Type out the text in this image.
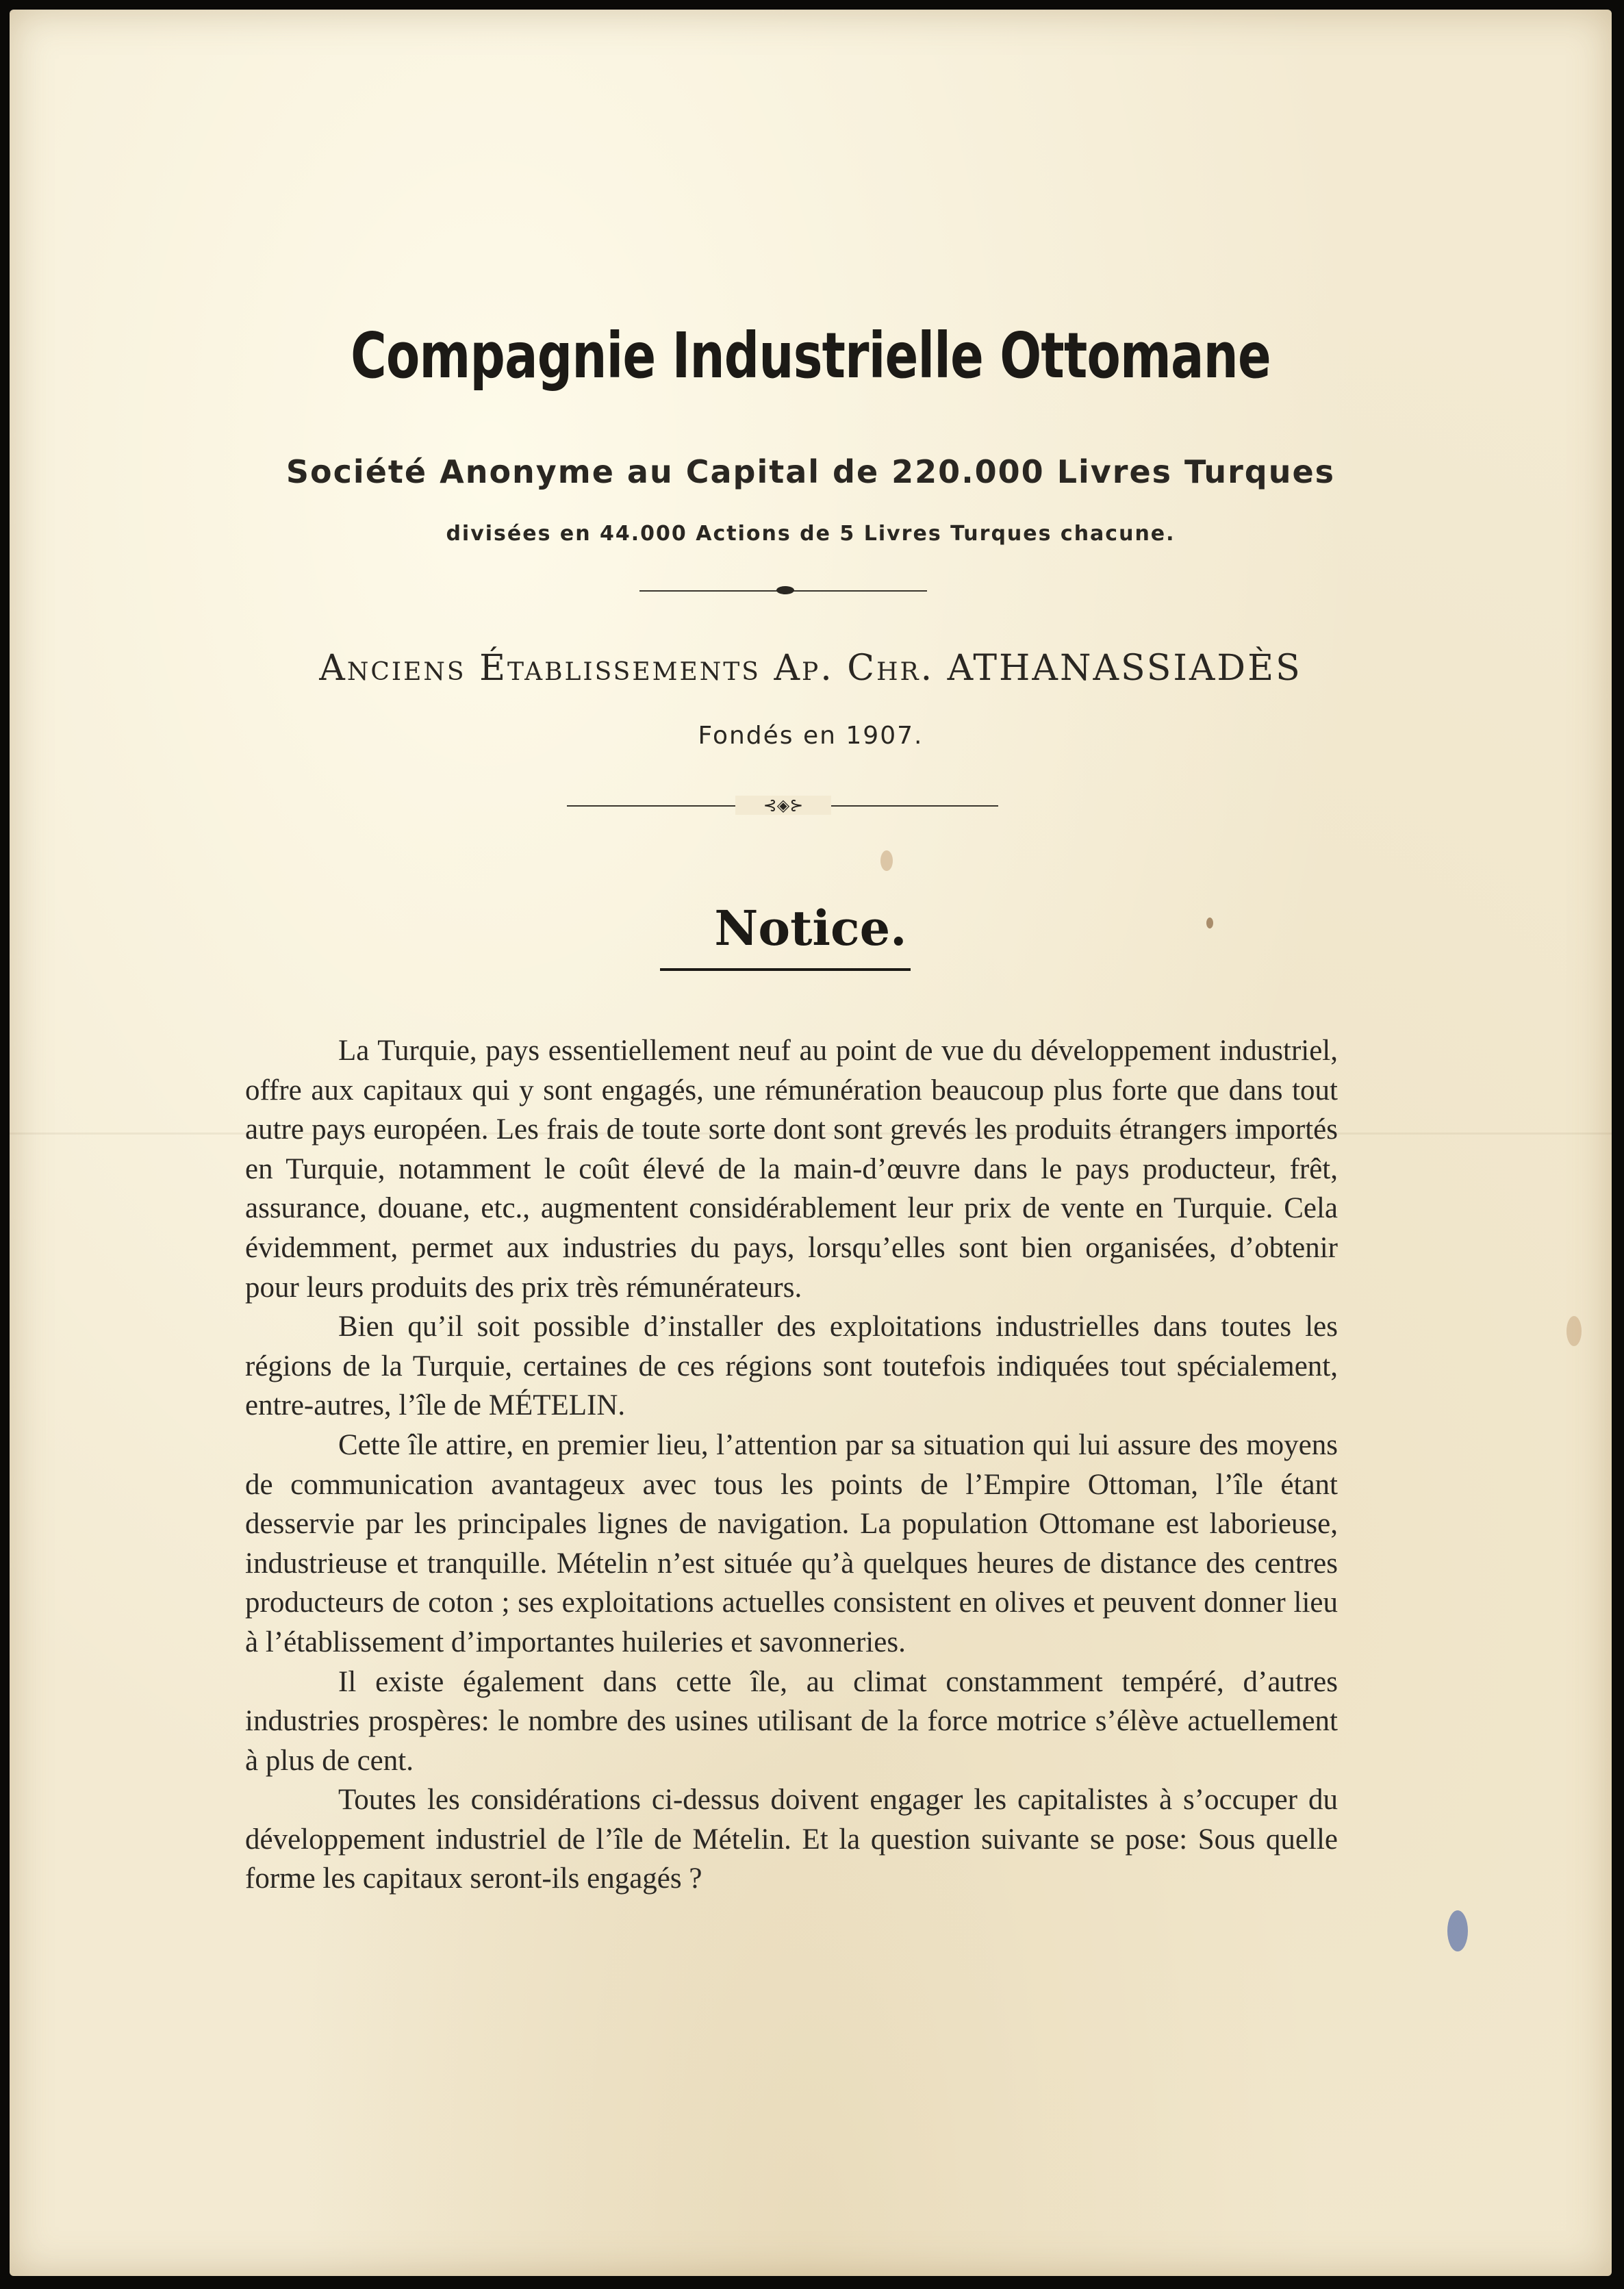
Compagnie Industrielle Ottomane
Société Anonyme au Capital de 220.000 Livres Turques
divisées en 44.000 Actions de 5 Livres Turques chacune.
Anciens Établissements Ap. Chr. ATHANASSIADÈS
Fondés en 1907.
⊰◈⊱
Notice.

La Turquie, pays essentiellement neuf au point de vue du développement industriel, offre aux capitaux qui y sont engagés, une rémunération beaucoup plus forte que dans tout autre pays européen. Les frais de toute sorte dont sont grevés les produits étrangers importés en Turquie, notamment le coût élevé de la main-d’œuvre dans le pays producteur, frêt, assurance, douane, etc., augmentent considérablement leur prix de vente en Turquie. Cela évidemment, permet aux industries du pays, lorsqu’elles sont bien organisées, d’obtenir pour leurs produits des prix très rémunérateurs.

Bien qu’il soit possible d’installer des exploitations industrielles dans toutes les régions de la Turquie, certaines de ces régions sont toutefois indiquées tout spécialement, entre-autres, l’île de MÉTELIN.

Cette île attire, en premier lieu, l’attention par sa situation qui lui assure des moyens de communication avantageux avec tous les points de l’Empire Ottoman, l’île étant desservie par les principales lignes de navigation. La population Ottomane est laborieuse, industrieuse et tranquille. Mételin n’est située qu’à quelques heures de distance des centres producteurs de coton ; ses exploitations actuelles consistent en olives et peuvent donner lieu à l’établissement d’importantes huileries et savonneries.

Il existe également dans cette île, au climat constamment tempéré, d’autres industries prospères: le nombre des usines utilisant de la force motrice s’élève actuellement à plus de cent.

Toutes les considérations ci-dessus doivent engager les capitalistes à s’occuper du développement industriel de l’île de Mételin. Et la question suivante se pose: Sous quelle forme les capitaux seront-ils engagés ?
